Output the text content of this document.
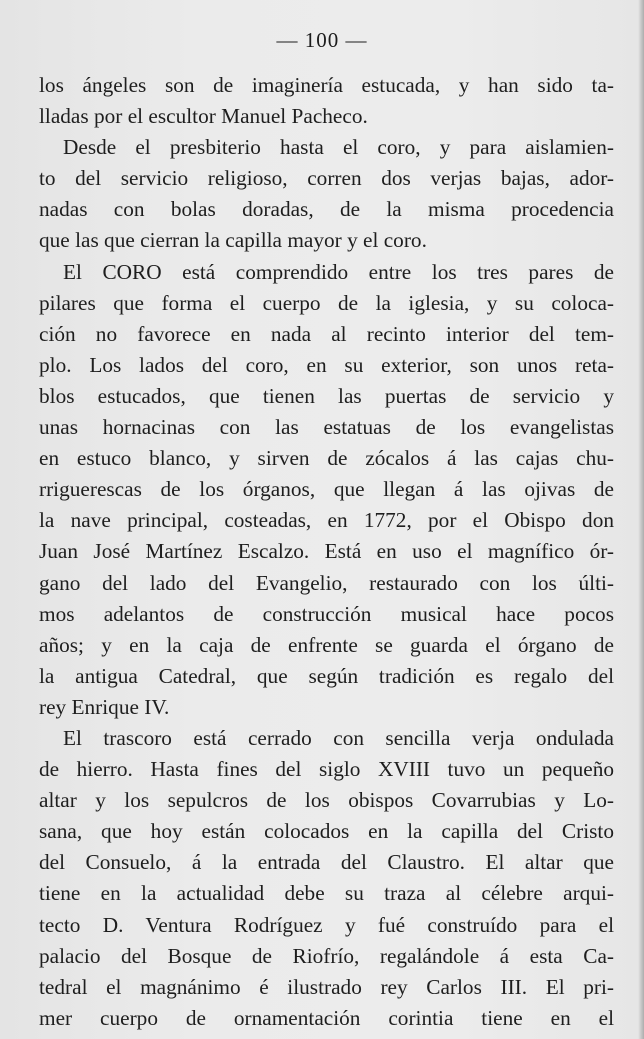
— 100 —
los ángeles son de imaginería estucada, y han sido ta-
lladas por el escultor Manuel Pacheco.
Desde el presbiterio hasta el coro, y para aislamien-
to del servicio religioso, corren dos verjas bajas, ador-
nadas con bolas doradas, de la misma procedencia
que las que cierran la capilla mayor y el coro.
El CORO está comprendido entre los tres pares de
pilares que forma el cuerpo de la iglesia, y su coloca-
ción no favorece en nada al recinto interior del tem-
plo. Los lados del coro, en su exterior, son unos reta-
blos estucados, que tienen las puertas de servicio y
unas hornacinas con las estatuas de los evangelistas
en estuco blanco, y sirven de zócalos á las cajas chu-
rriguerescas de los órganos, que llegan á las ojivas de
la nave principal, costeadas, en 1772, por el Obispo don
Juan José Martínez Escalzo. Está en uso el magnífico ór-
gano del lado del Evangelio, restaurado con los últi-
mos adelantos de construcción musical hace pocos
años; y en la caja de enfrente se guarda el órgano de
la antigua Catedral, que según tradición es regalo del
rey Enrique IV.
El trascoro está cerrado con sencilla verja ondulada
de hierro. Hasta fines del siglo XVIII tuvo un pequeño
altar y los sepulcros de los obispos Covarrubias y Lo-
sana, que hoy están colocados en la capilla del Cristo
del Consuelo, á la entrada del Claustro. El altar que
tiene en la actualidad debe su traza al célebre arqui-
tecto D. Ventura Rodríguez y fué construído para el
palacio del Bosque de Riofrío, regalándole á esta Ca-
tedral el magnánimo é ilustrado rey Carlos III. El pri-
mer cuerpo de ornamentación corintia tiene en el
